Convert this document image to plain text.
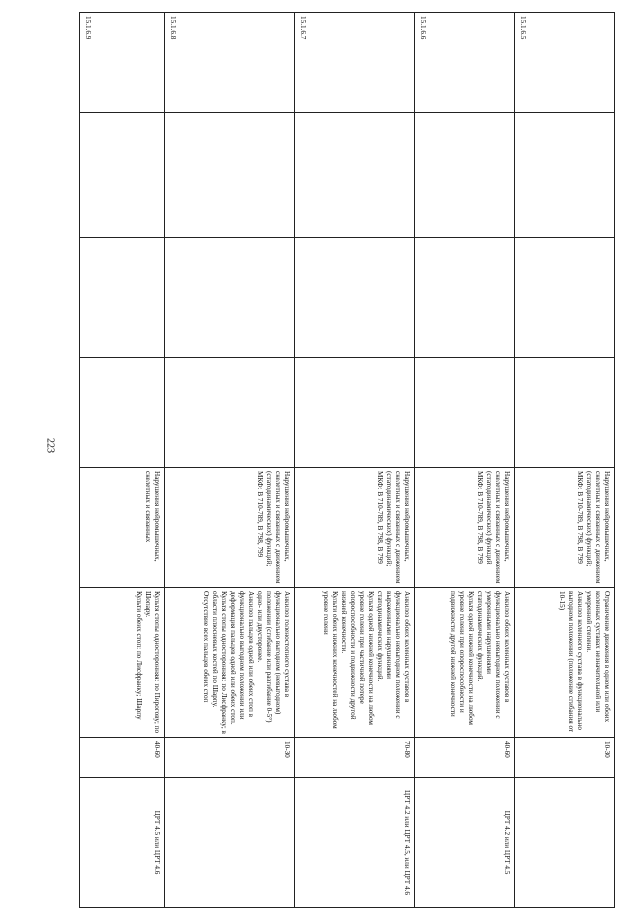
223
15.1.6.5				Нарушения нейромышечных, скелетных и связанных с движением (статодинамических) функций; МКФ: В 710-789, В 798, В 799	Ограничение движения в одном или обоих коленных суставах незначительной или умеренной степени.
Анкилоз коленного сустава в функционально выгодном положении (положение сгибания от 10-15)	10-30	
15.1.6.6				Нарушения нейромышечных, скелетных и связанных с движением (статодинамических) функций МКФ: В 710-789, В 798, В 799	Анкилоз обоих коленных суставов в функционально невыгодном положении с умеренными нарушениями статодинамических функций.
Культя одной нижней конечности на любом уровне голени при опороспособности и подвижности другой нижней конечности	40-60	ЦРТ 4.2 или ЦРТ 4.5
15.1.6.7				Нарушения нейромышечных, скелетных и связанных с движением (статодинамических) функций; МКФ: В 710-789, В 798, В 799	Анкилоз обоих коленных суставов в функционально невыгодном положении с выраженными нарушениями статодинамических функций.
Культя одной нижней конечности на любом уровне голени при частичной потере опороспособности и подвижности другой нижней конечности.
Культи обеих нижних конечностей на любом уровне голени	70-80	ЦРТ 4.2 или ЦРТ 4.5, или ЦРТ 4.6
15.1.6.8				Нарушения нейромышечных, скелетных и связанных с движением (статодинамических) функций; МКФ: В 710-789, В 798, 799	Анкилоз голеностопного сустава в функционально выгодном (невыгодном) положении (сгибание или разгибание 0-5°) одно- или двусторонее.
Анкилоз пальцев одной или обеих стоп в функционально выгодном положении или деформация пальцев одной или обеих стоп.
Культя стопы односторонняя: по Лисфранку; в области плюсневых костей по Шарпу.
Отсутствие всех пальцев обеих стоп	10-30	
15.1.6.9				Нарушения нейромышечных, скелетных и связанных	Культя стопы односторонняя: по Пирогову; по Шопару.
Культи обеих стоп: по Лисфранку; Шарпу	40-60	ЦРТ 4.5 или ЦРТ 4.6
